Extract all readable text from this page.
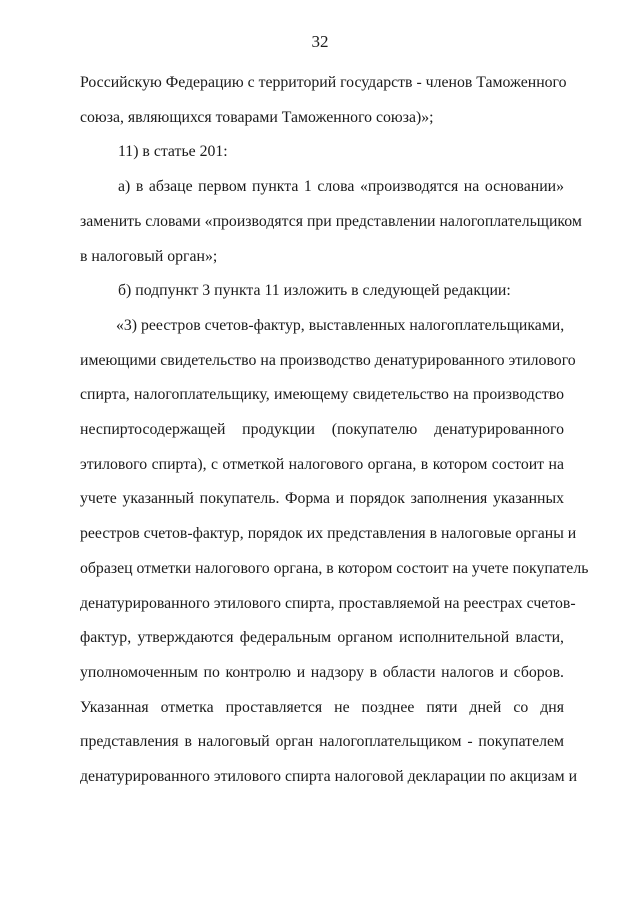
32
Российскую Федерацию с территорий государств - членов Таможенного
союза, являющихся товарами Таможенного союза)»;
11) в статье 201:
а) в абзаце первом пункта 1 слова «производятся на основании»
заменить словами «производятся при представлении налогоплательщиком
в налоговый орган»;
б) подпункт 3 пункта 11 изложить в следующей редакции:
«3) реестров счетов-фактур, выставленных налогоплательщиками,
имеющими свидетельство на производство денатурированного этилового
спирта, налогоплательщику, имеющему свидетельство на производство
неспиртосодержащей продукции (покупателю денатурированного
этилового спирта), с отметкой налогового органа, в котором состоит на
учете указанный покупатель. Форма и порядок заполнения указанных
реестров счетов-фактур, порядок их представления в налоговые органы и
образец отметки налогового органа, в котором состоит на учете покупатель
денатурированного этилового спирта, проставляемой на реестрах счетов-
фактур, утверждаются федеральным органом исполнительной власти,
уполномоченным по контролю и надзору в области налогов и сборов.
Указанная отметка проставляется не позднее пяти дней со дня
представления в налоговый орган налогоплательщиком - покупателем
денатурированного этилового спирта налоговой декларации по акцизам и
